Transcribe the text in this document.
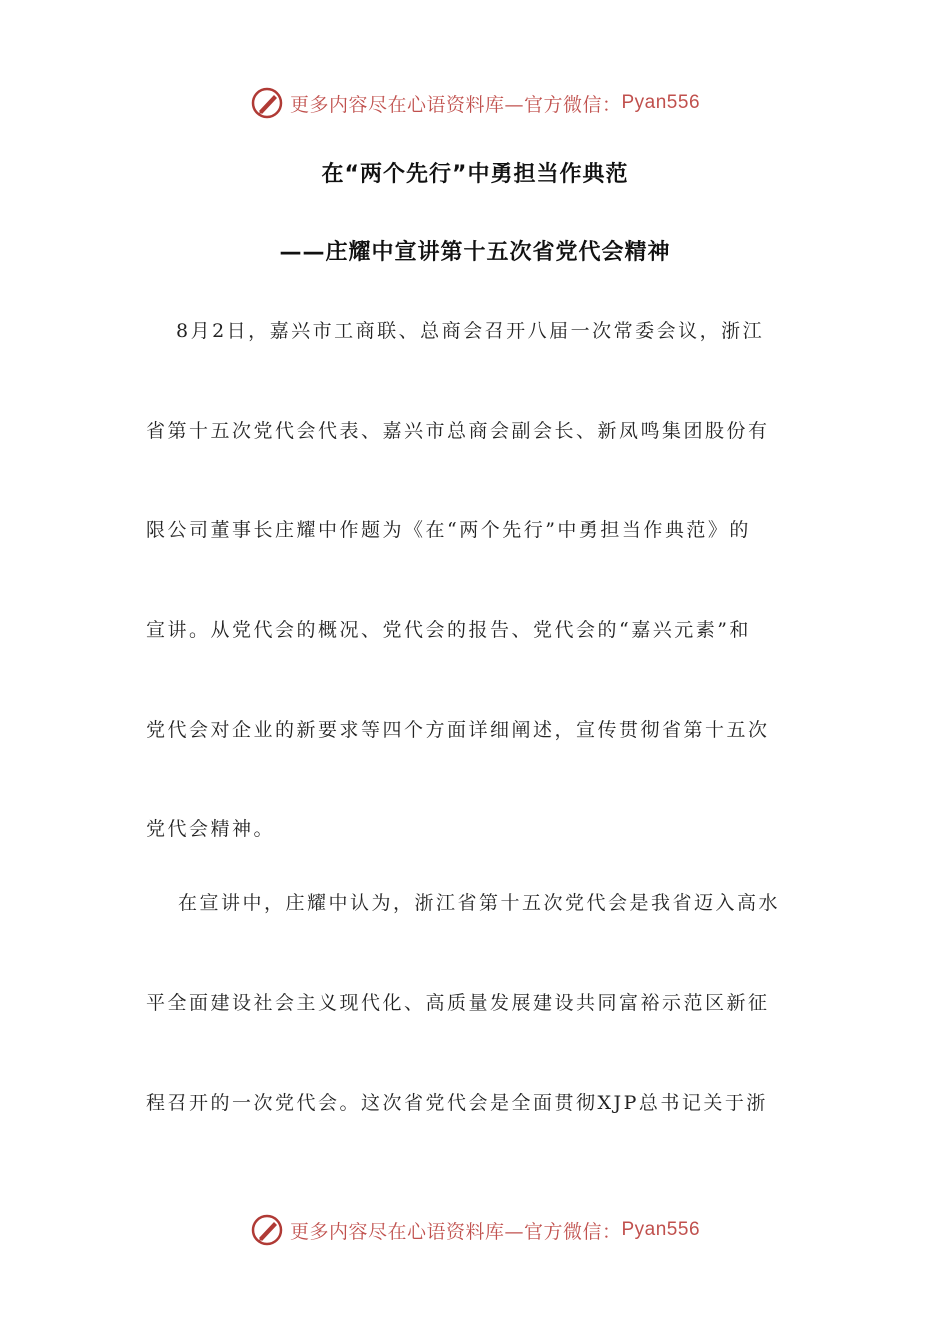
更多内容尽在心语资料库—官方微信： Pyan556
在“两个先行”中勇担当作典范
——庄耀中宣讲第十五次省党代会精神
8月2日，嘉兴市工商联、总商会召开八届一次常委会议，浙江
省第十五次党代会代表、嘉兴市总商会副会长、新凤鸣集团股份有
限公司董事长庄耀中作题为《在“两个先行”中勇担当作典范》的
宣讲。从党代会的概况、党代会的报告、党代会的“嘉兴元素”和
党代会对企业的新要求等四个方面详细阐述，宣传贯彻省第十五次
党代会精神。
在宣讲中，庄耀中认为，浙江省第十五次党代会是我省迈入高水
平全面建设社会主义现代化、高质量发展建设共同富裕示范区新征
程召开的一次党代会。这次省党代会是全面贯彻XJP总书记关于浙
更多内容尽在心语资料库—官方微信： Pyan556
